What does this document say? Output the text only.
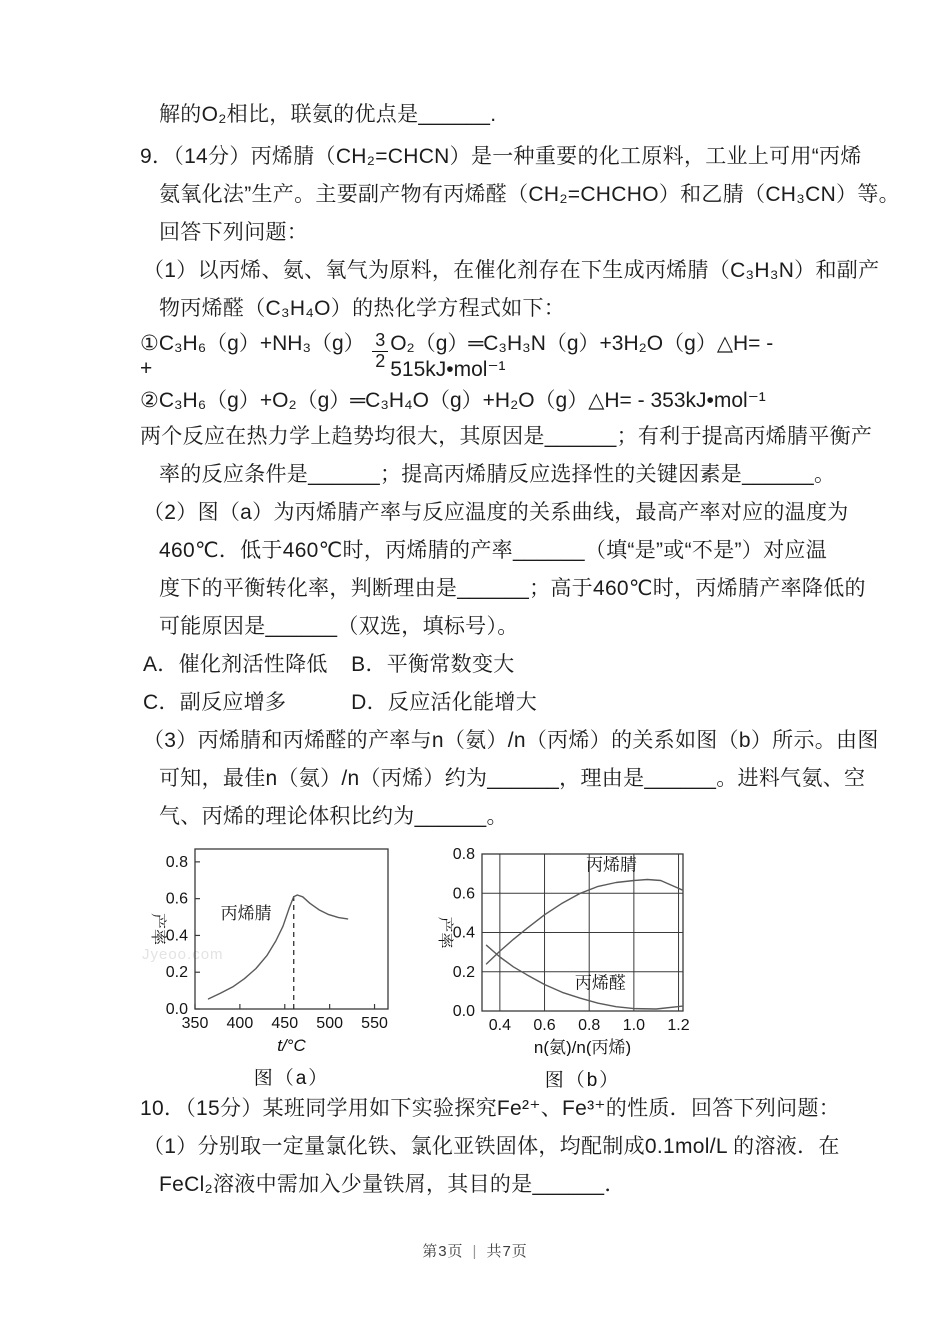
Jyeoo.com
解的O₂相比，联氨的优点是______.
9．（14分）丙烯腈（CH₂=CHCN）是一种重要的化工原料，工业上可用“丙烯
氨氧化法”生产。主要副产物有丙烯醛（CH₂=CHCHO）和乙腈（CH₃CN）等。
回答下列问题：
（1）以丙烯、氨、氧气为原料，在催化剂存在下生成丙烯腈（C₃H₃N）和副产
物丙烯醛（C₃H₄O）的热化学方程式如下：
①C₃H₆（g）+NH₃（g）+	$\frac{3}{2}$ O₂（g）═C₃H₃N（g）+3H₂O（g）△H= - 515kJ•mol⁻¹
②C₃H₆（g）+O₂（g）═C₃H₄O（g）+H₂O（g）△H= - 353kJ•mol⁻¹
两个反应在热力学上趋势均很大，其原因是______；有利于提高丙烯腈平衡产
率的反应条件是______；提高丙烯腈反应选择性的关键因素是______。
（2）图（a）为丙烯腈产率与反应温度的关系曲线，最高产率对应的温度为
460℃．低于460℃时，丙烯腈的产率______（填“是”或“不是”）对应温
度下的平衡转化率，判断理由是______；高于460℃时，丙烯腈产率降低的
可能原因是______（双选，填标号）。
A．催化剂活性降低 B．平衡常数变大
C．副反应增多	D．反应活化能增大
（3）丙烯腈和丙烯醛的产率与n（氨）/n（丙烯）的关系如图（b）所示。由图
可知，最佳n（氨）/n（丙烯）约为______，理由是______。进料气氨、空
气、丙烯的理论体积比约为______。
350 400 450 500 550
0.0
0.2
0.4
0.6
0.8
丙烯腈
产率
t/°C
图（a）
0.4 0.6 0.8 1.0 1.2
0.0
0.2
0.4
0.6
0.8
丙烯腈
丙烯醛
产率
n(氨)/n(丙烯)
图（b）
10．（15分）某班同学用如下实验探究Fe²⁺、Fe³⁺的性质．回答下列问题：
（1）分别取一定量氯化铁、氯化亚铁固体，均配制成0.1mol/L 的溶液．在
FeCl₂溶液中需加入少量铁屑，其目的是______．
第3页 | 共7页
